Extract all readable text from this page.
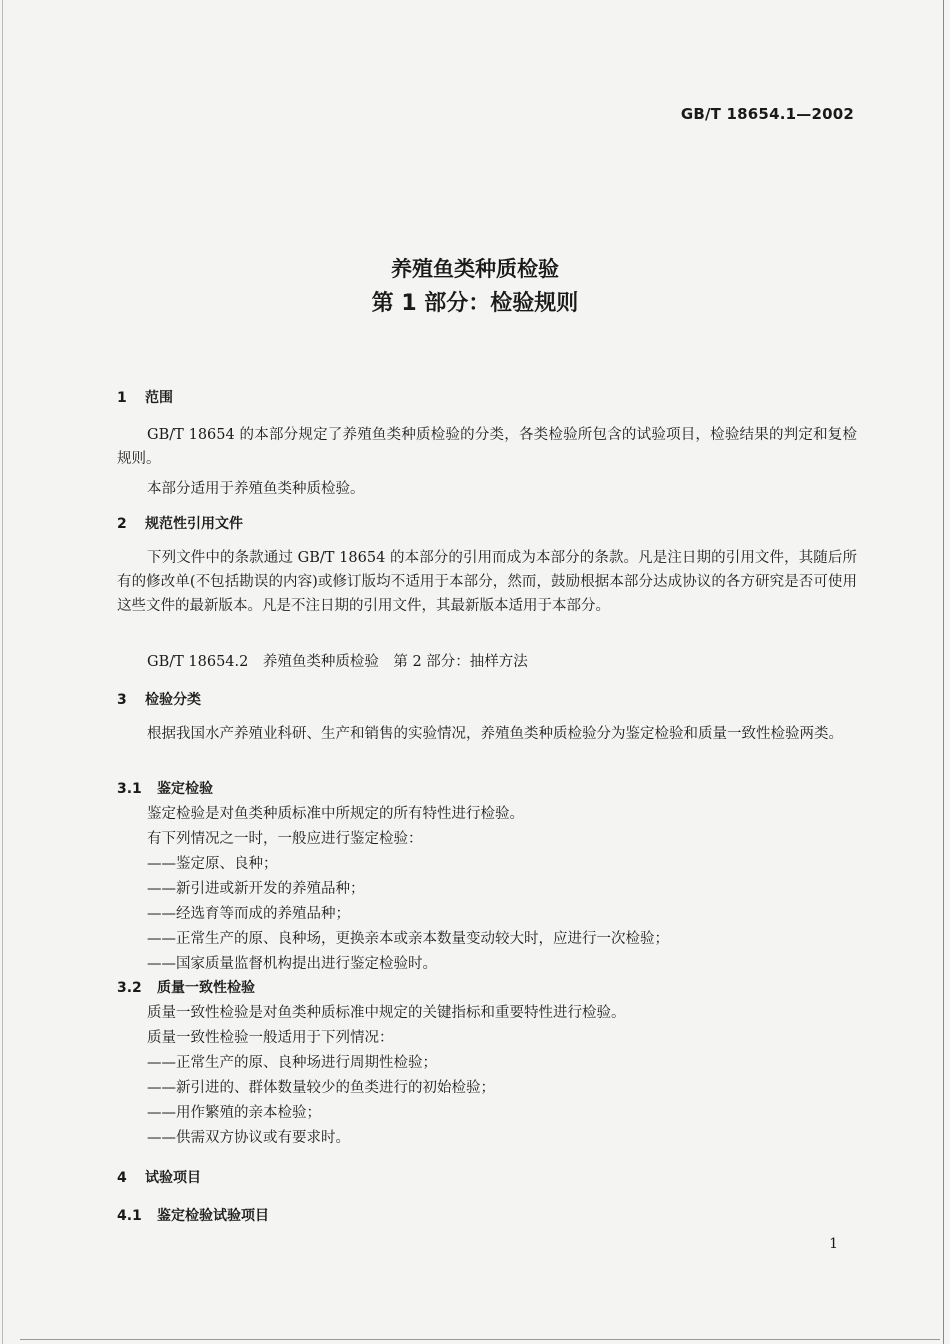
GB/T 18654.1—2002
养殖鱼类种质检验
第 1 部分：检验规则
1 范围
GB/T 18654 的本部分规定了养殖鱼类种质检验的分类，各类检验所包含的试验项目，检验结果的判定和复检规则。
本部分适用于养殖鱼类种质检验。
2 规范性引用文件
下列文件中的条款通过 GB/T 18654 的本部分的引用而成为本部分的条款。凡是注日期的引用文件，其随后所有的修改单(不包括勘误的内容)或修订版均不适用于本部分，然而，鼓励根据本部分达成协议的各方研究是否可使用这些文件的最新版本。凡是不注日期的引用文件，其最新版本适用于本部分。
GB/T 18654.2　养殖鱼类种质检验　第 2 部分：抽样方法
3 检验分类
根据我国水产养殖业科研、生产和销售的实验情况，养殖鱼类种质检验分为鉴定检验和质量一致性检验两类。
3.1 鉴定检验
鉴定检验是对鱼类种质标准中所规定的所有特性进行检验。
有下列情况之一时，一般应进行鉴定检验：
——鉴定原、良种；
——新引进或新开发的养殖品种；
——经选育等而成的养殖品种；
——正常生产的原、良种场，更换亲本或亲本数量变动较大时，应进行一次检验；
——国家质量监督机构提出进行鉴定检验时。
3.2 质量一致性检验
质量一致性检验是对鱼类种质标准中规定的关键指标和重要特性进行检验。
质量一致性检验一般适用于下列情况：
——正常生产的原、良种场进行周期性检验；
——新引进的、群体数量较少的鱼类进行的初始检验；
——用作繁殖的亲本检验；
——供需双方协议或有要求时。
4 试验项目
4.1 鉴定检验试验项目
1
